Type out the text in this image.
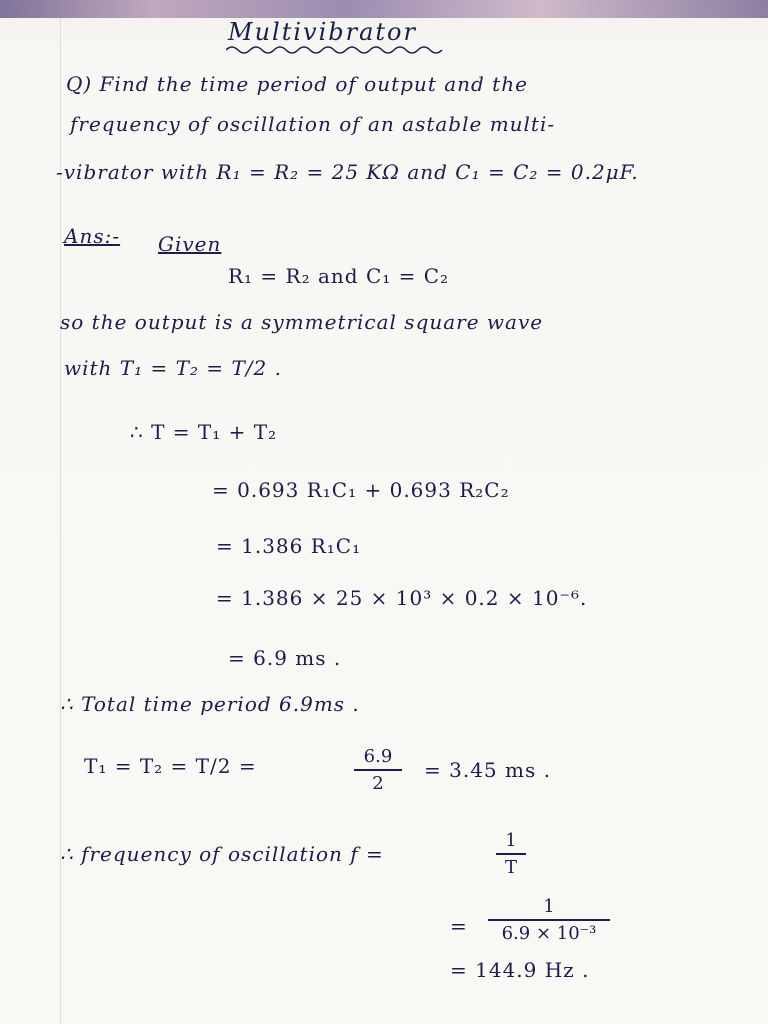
Multivibrator
Q) Find the time period of output and the
frequency of oscillation of an astable multi-
-vibrator with R₁ = R₂ = 25 KΩ and C₁ = C₂ = 0.2μF.
Ans:- Given
R₁ = R₂ and C₁ = C₂
so the output is a symmetrical square wave
with T₁ = T₂ = T/2 .
∴ T = T₁ + T₂
= 0.693 R₁C₁ + 0.693 R₂C₂
= 1.386 R₁C₁
= 1.386 × 25 × 10³ × 0.2 × 10⁻⁶.
= 6.9 ms .
∴ Total time period 6.9ms .
T₁ = T₂ = T/2 =	6.9
2
= 3.45 ms .
∴ frequency of oscillation f =
1
T
=
1
6.9 × 10⁻³
= 144.9 Hz .
